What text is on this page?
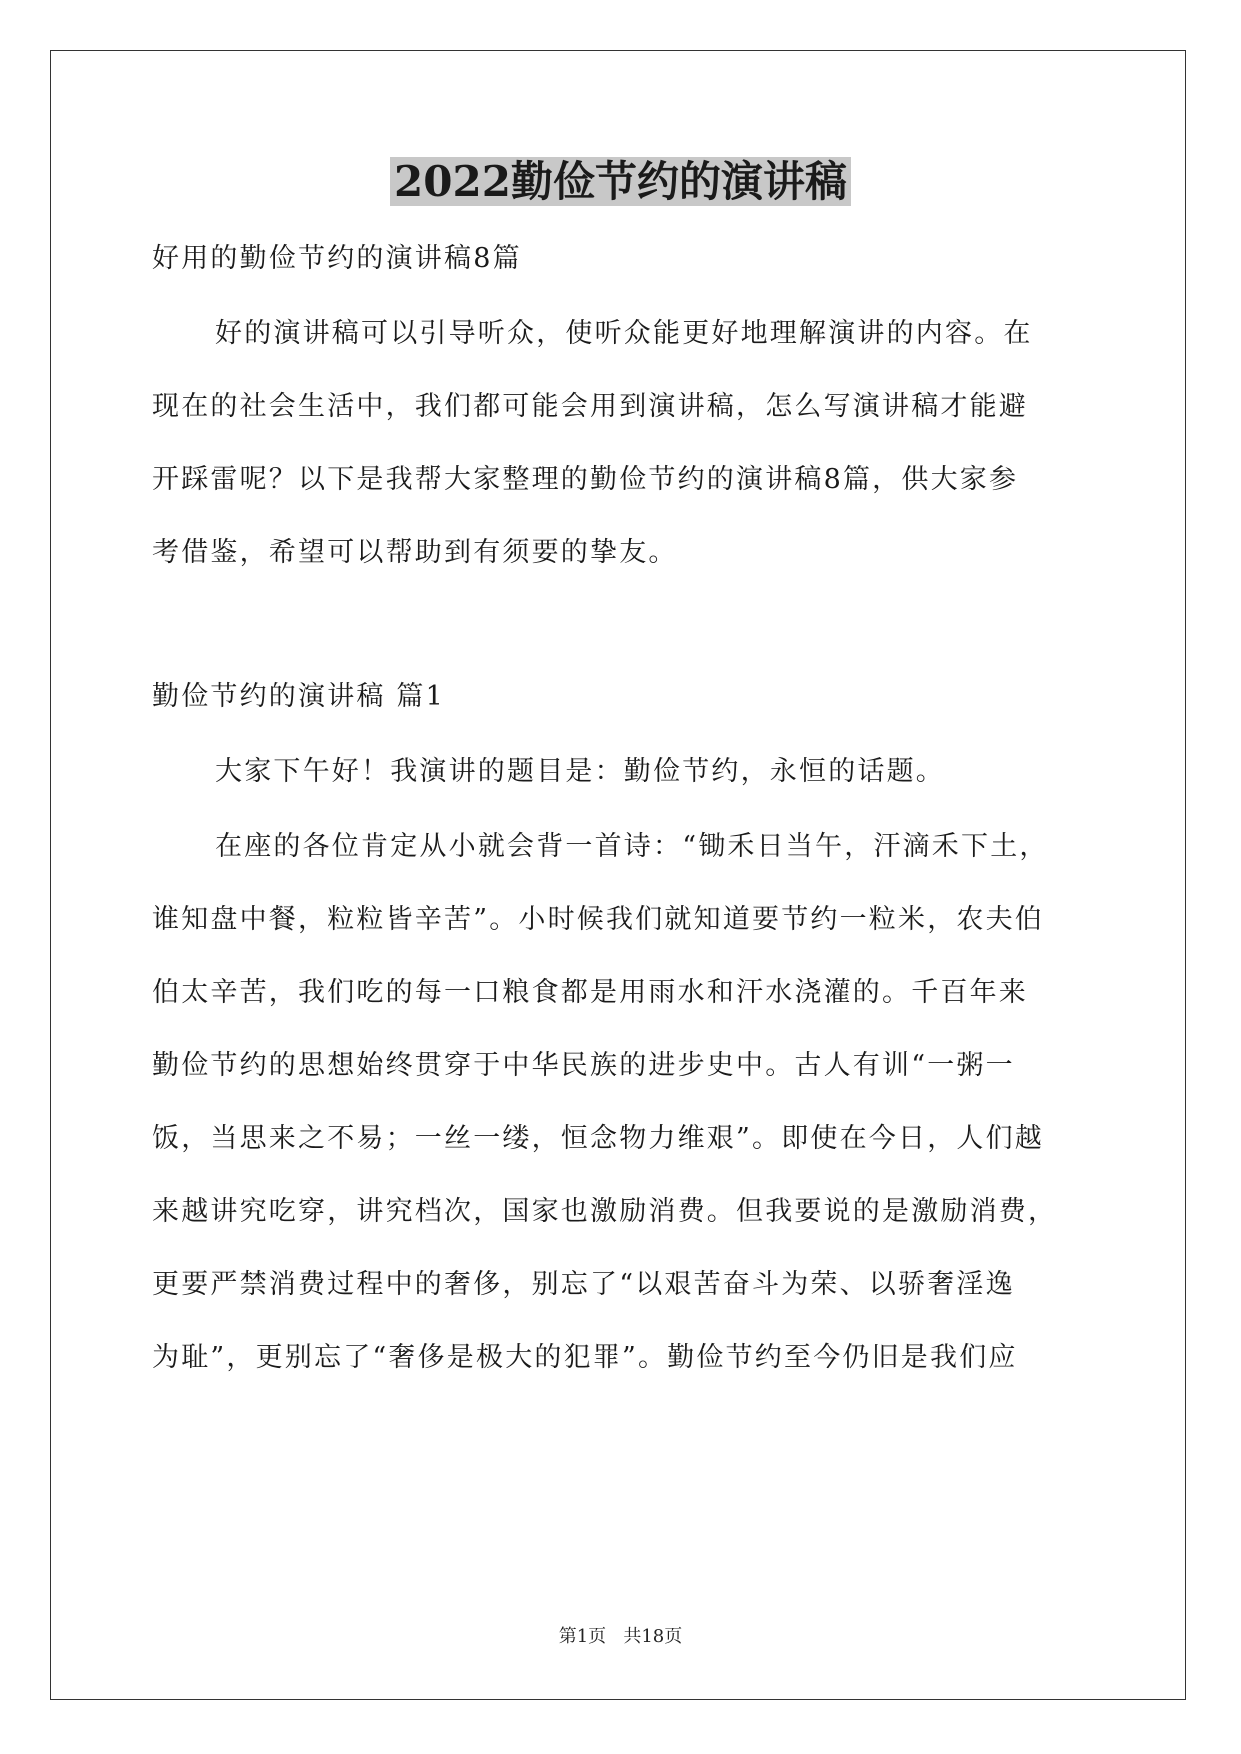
2022勤俭节约的演讲稿
好用的勤俭节约的演讲稿8篇
好的演讲稿可以引导听众，使听众能更好地理解演讲的内容。在
现在的社会生活中，我们都可能会用到演讲稿，怎么写演讲稿才能避
开踩雷呢？以下是我帮大家整理的勤俭节约的演讲稿8篇，供大家参
考借鉴，希望可以帮助到有须要的挚友。
勤俭节约的演讲稿 篇1
大家下午好！我演讲的题目是：勤俭节约，永恒的话题。
在座的各位肯定从小就会背一首诗：“锄禾日当午，汗滴禾下土，
谁知盘中餐，粒粒皆辛苦”。小时候我们就知道要节约一粒米，农夫伯
伯太辛苦，我们吃的每一口粮食都是用雨水和汗水浇灌的。千百年来
勤俭节约的思想始终贯穿于中华民族的进步史中。古人有训“一粥一
饭，当思来之不易；一丝一缕，恒念物力维艰”。即使在今日，人们越
来越讲究吃穿，讲究档次，国家也激励消费。但我要说的是激励消费，
更要严禁消费过程中的奢侈，别忘了“以艰苦奋斗为荣、以骄奢淫逸
为耻”，更别忘了“奢侈是极大的犯罪”。勤俭节约至今仍旧是我们应
第1页   共18页
